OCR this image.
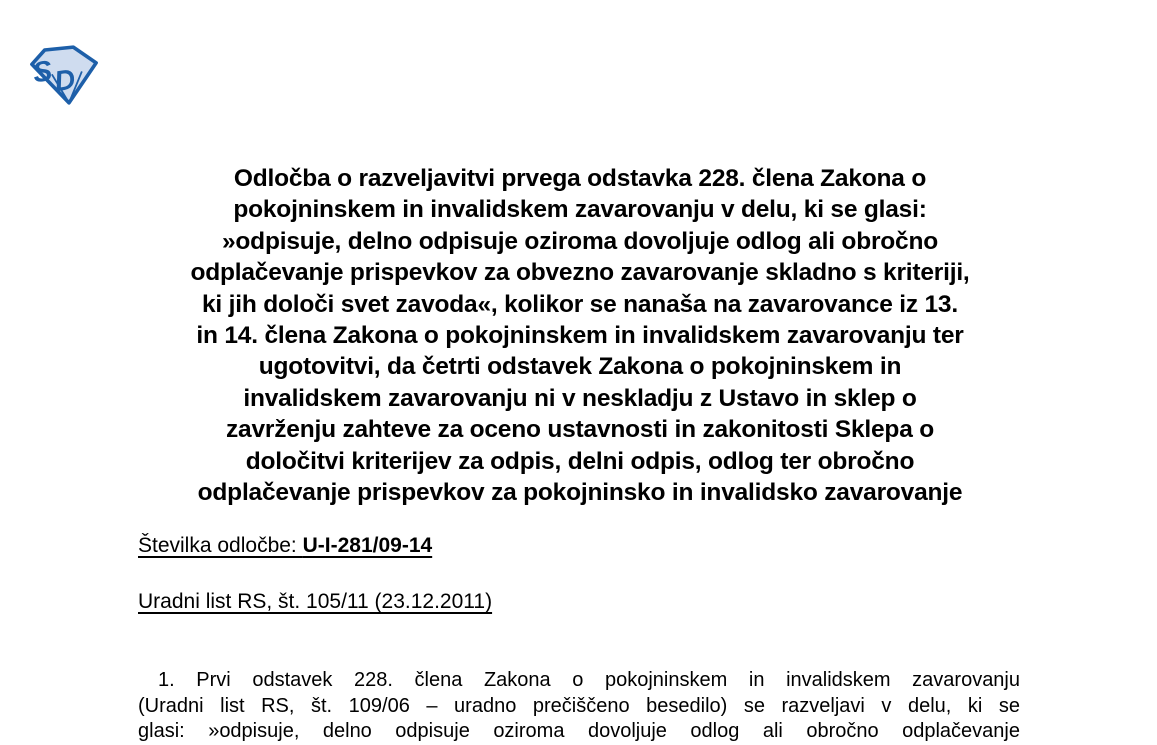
S
D
Odločba o razveljavitvi prvega odstavka 228. člena Zakona o
pokojninskem in invalidskem zavarovanju v delu, ki se glasi:
»odpisuje, delno odpisuje oziroma dovoljuje odlog ali obročno
odplačevanje prispevkov za obvezno zavarovanje skladno s kriteriji,
ki jih določi svet zavoda«, kolikor se nanaša na zavarovance iz 13.
in 14. člena Zakona o pokojninskem in invalidskem zavarovanju ter
ugotovitvi, da četrti odstavek Zakona o pokojninskem in
invalidskem zavarovanju ni v neskladju z Ustavo in sklep o
zavrženju zahteve za oceno ustavnosti in zakonitosti Sklepa o
določitvi kriterijev za odpis, delni odpis, odlog ter obročno
odplačevanje prispevkov za pokojninsko in invalidsko zavarovanje
Številka odločbe: U-I-281/09-14
Uradni list RS, št. 105/11 (23.12.2011)
1. Prvi odstavek 228. člena Zakona o pokojninskem in invalidskem zavarovanju
(Uradni list RS, št. 109/06 – uradno prečiščeno besedilo) se razveljavi v delu, ki se
glasi: »odpisuje, delno odpisuje oziroma dovoljuje odlog ali obročno odplačevanje
